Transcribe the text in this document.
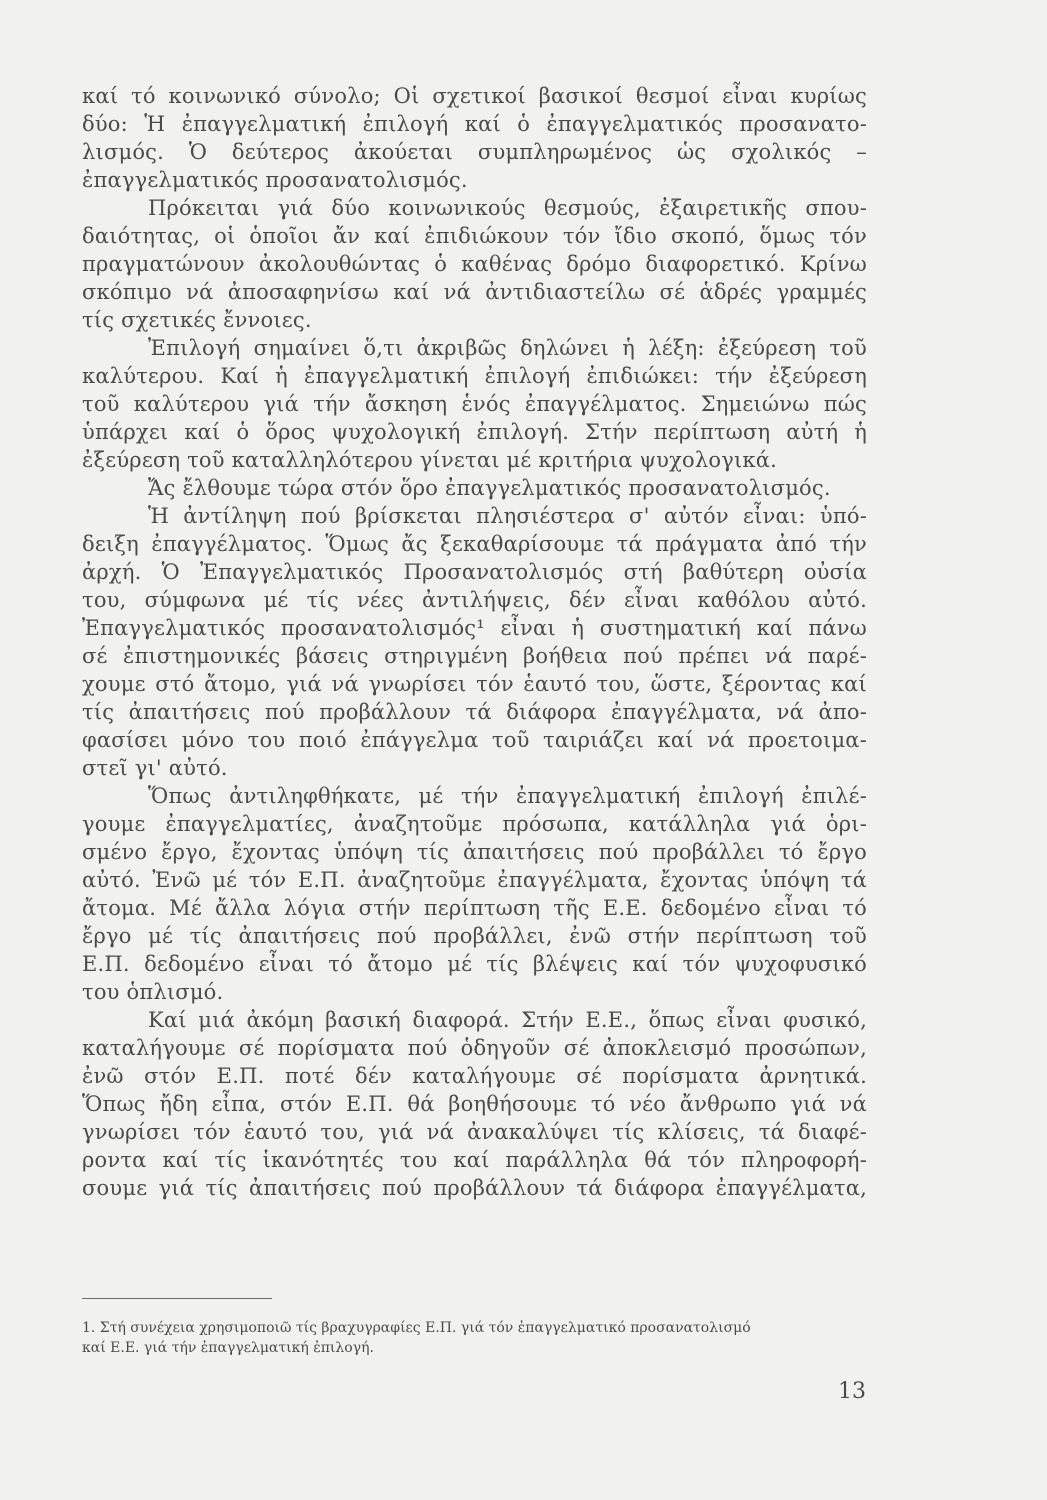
καί τό κοινωνικό σύνολο; Οἱ σχετικοί βασικοί θεσμοί εἶναι κυρίως
δύο: Ἡ ἐπαγγελματική ἐπιλογή καί ὁ ἐπαγγελματικός προσανατο-
λισμός. Ὁ δεύτερος ἀκούεται συμπληρωμένος ὡς σχολικός –
ἐπαγγελματικός προσανατολισμός.
Πρόκειται γιά δύο κοινωνικούς θεσμούς, ἐξαιρετικῆς σπου-
δαιότητας, οἱ ὁποῖοι ἄν καί ἐπιδιώκουν τόν ἴδιο σκοπό, ὅμως τόν
πραγματώνουν ἀκολουθώντας ὁ καθένας δρόμο διαφορετικό. Κρίνω
σκόπιμο νά ἀποσαφηνίσω καί νά ἀντιδιαστείλω σέ ἁδρές γραμμές
τίς σχετικές ἔννοιες.
Ἐπιλογή σημαίνει ὅ,τι ἀκριβῶς δηλώνει ἡ λέξη: ἐξεύρεση τοῦ
καλύτερου. Καί ἡ ἐπαγγελματική ἐπιλογή ἐπιδιώκει: τήν ἐξεύρεση
τοῦ καλύτερου γιά τήν ἄσκηση ἑνός ἐπαγγέλματος. Σημειώνω πώς
ὑπάρχει καί ὁ ὅρος ψυχολογική ἐπιλογή. Στήν περίπτωση αὐτή ἡ
ἐξεύρεση τοῦ καταλληλότερου γίνεται μέ κριτήρια ψυχολογικά.
Ἄς ἔλθουμε τώρα στόν ὅρο ἐπαγγελματικός προσανατολισμός.
Ἡ ἀντίληψη πού βρίσκεται πλησιέστερα σ' αὐτόν εἶναι: ὑπό-
δειξη ἐπαγγέλματος. Ὅμως ἄς ξεκαθαρίσουμε τά πράγματα ἀπό τήν
ἀρχή. Ὁ Ἐπαγγελματικός Προσανατολισμός στή βαθύτερη οὐσία
του, σύμφωνα μέ τίς νέες ἀντιλήψεις, δέν εἶναι καθόλου αὐτό.
Ἐπαγγελματικός προσανατολισμός¹ εἶναι ἡ συστηματική καί πάνω
σέ ἐπιστημονικές βάσεις στηριγμένη βοήθεια πού πρέπει νά παρέ-
χουμε στό ἄτομο, γιά νά γνωρίσει τόν ἑαυτό του, ὥστε, ξέροντας καί
τίς ἀπαιτήσεις πού προβάλλουν τά διάφορα ἐπαγγέλματα, νά ἀπο-
φασίσει μόνο του ποιό ἐπάγγελμα τοῦ ταιριάζει καί νά προετοιμα-
στεῖ γι' αὐτό.
Ὅπως ἀντιληφθήκατε, μέ τήν ἐπαγγελματική ἐπιλογή ἐπιλέ-
γουμε ἐπαγγελματίες, ἀναζητοῦμε πρόσωπα, κατάλληλα γιά ὁρι-
σμένο ἔργο, ἔχοντας ὑπόψη τίς ἀπαιτήσεις πού προβάλλει τό ἔργο
αὐτό. Ἐνῶ μέ τόν Ε.Π. ἀναζητοῦμε ἐπαγγέλματα, ἔχοντας ὑπόψη τά
ἄτομα. Μέ ἄλλα λόγια στήν περίπτωση τῆς Ε.Ε. δεδομένο εἶναι τό
ἔργο μέ τίς ἀπαιτήσεις πού προβάλλει, ἐνῶ στήν περίπτωση τοῦ
Ε.Π. δεδομένο εἶναι τό ἄτομο μέ τίς βλέψεις καί τόν ψυχοφυσικό
του ὁπλισμό.
Καί μιά ἀκόμη βασική διαφορά. Στήν Ε.Ε., ὅπως εἶναι φυσικό,
καταλήγουμε σέ πορίσματα πού ὁδηγοῦν σέ ἀποκλεισμό προσώπων,
ἐνῶ στόν Ε.Π. ποτέ δέν καταλήγουμε σέ πορίσματα ἀρνητικά.
Ὅπως ἤδη εἶπα, στόν Ε.Π. θά βοηθήσουμε τό νέο ἄνθρωπο γιά νά
γνωρίσει τόν ἑαυτό του, γιά νά ἀνακαλύψει τίς κλίσεις, τά διαφέ-
ροντα καί τίς ἱκανότητές του καί παράλληλα θά τόν πληροφορή-
σουμε γιά τίς ἀπαιτήσεις πού προβάλλουν τά διάφορα ἐπαγγέλματα,
1. Στή συνέχεια χρησιμοποιῶ τίς βραχυγραφίες Ε.Π. γιά τόν ἐπαγγελματικό προσανατολισμό
καί Ε.Ε. γιά τήν ἐπαγγελματική ἐπιλογή.
13
